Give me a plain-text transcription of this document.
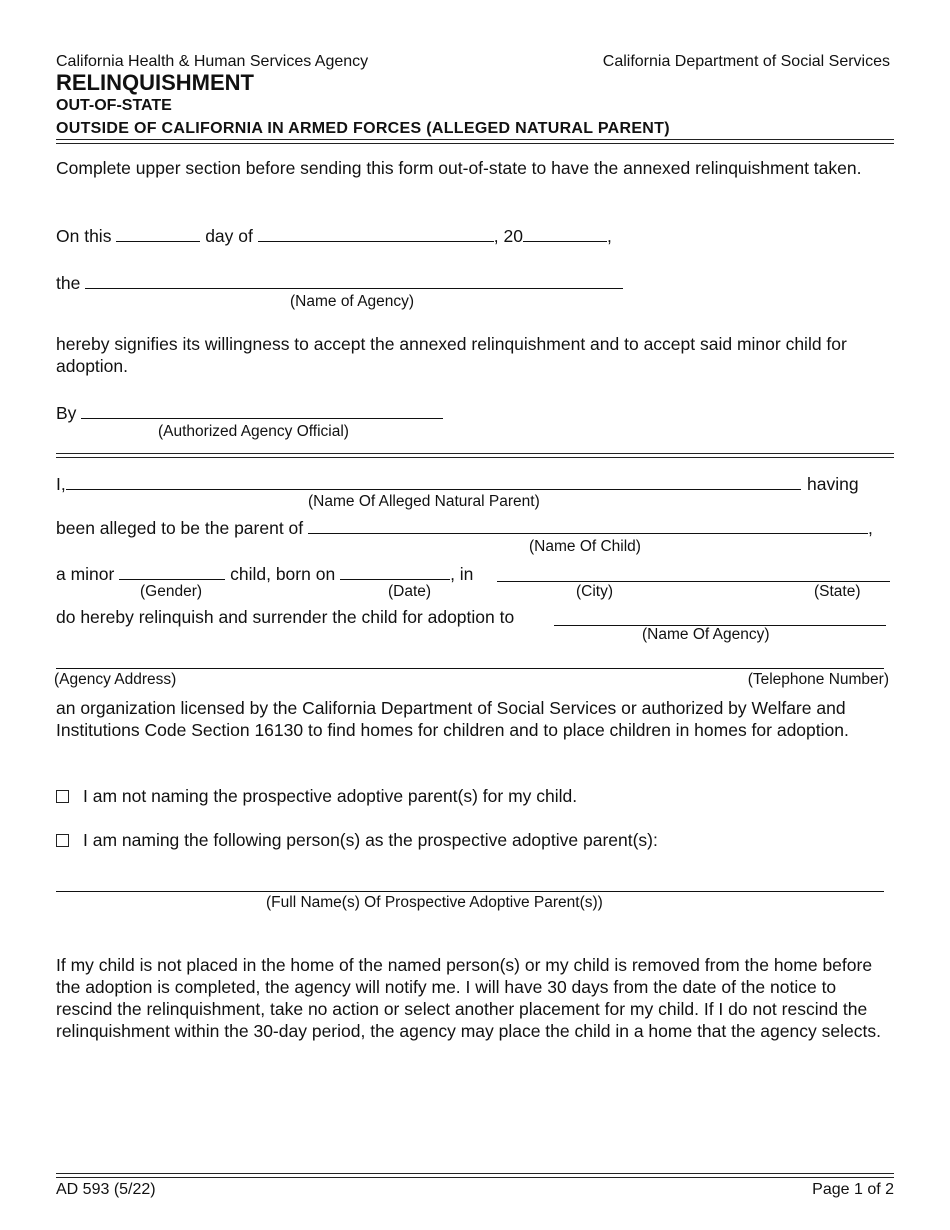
California Health & Human Services Agency	California Department of Social Services
RELINQUISHMENT
OUT-OF-STATE
OUTSIDE OF CALIFORNIA IN ARMED FORCES (ALLEGED NATURAL PARENT)
Complete upper section before sending this form out-of-state to have the annexed relinquishment taken.
On this	day of	, 20	,
the
(Name of Agency)
hereby signifies its willingness to accept the annexed relinquishment and to accept said minor child for adoption.
By
(Authorized Agency Official)
I,	having
(Name Of Alleged Natural Parent)
been alleged to be the parent of	,
(Name Of Child)
a minor	child, born on	, in
(Gender)	(Date)	(City)	(State)
do hereby relinquish and surrender the child for adoption to
(Name Of Agency)
(Agency Address)	(Telephone Number)
an organization licensed by the California Department of Social Services or authorized by Welfare and Institutions Code Section 16130 to find homes for children and to place children in homes for adoption.
I am not naming the prospective adoptive parent(s) for my child.
I am naming the following person(s) as the prospective adoptive parent(s):
(Full Name(s) Of Prospective Adoptive Parent(s))
If my child is not placed in the home of the named person(s) or my child is removed from the home before the adoption is completed, the agency will notify me. I will have 30 days from the date of the notice to rescind the relinquishment, take no action or select another placement for my child. If I do not rescind the relinquishment within the 30-day period, the agency may place the child in a home that the agency selects.
AD 593 (5/22)	Page 1 of 2
